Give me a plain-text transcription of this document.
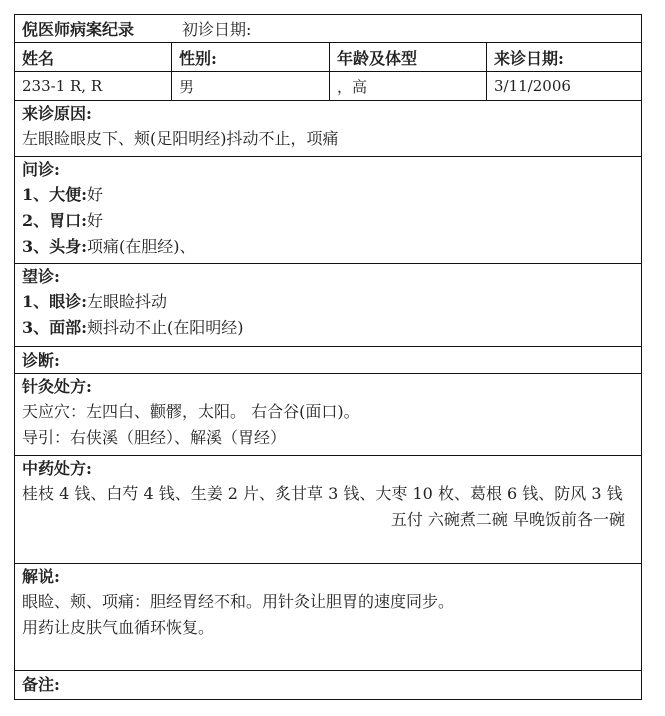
倪医师病案纪录	初诊日期:
姓名	性别:	年龄及体型	来诊日期:
233-1 R, R	男	，高	3/11/2006
来诊原因:
左眼睑眼皮下、颊(足阳明经)抖动不止，项痛
问诊:
1、大便:好
2、胃口:好
3、头身:项痛(在胆经)、
望诊:
1、眼诊:左眼睑抖动
3、面部:颊抖动不止(在阳明经)
诊断:
针灸处方:
天应穴：左四白、颧髎，太阳。 右合谷(面口)。
导引：右侠溪（胆经）、解溪（胃经）
中药处方:
桂枝 4 钱、白芍 4 钱、生姜 2 片、炙甘草 3 钱、大枣 10 枚、葛根 6 钱、防风 3 钱
五付 六碗煮二碗 早晚饭前各一碗
解说:
眼睑、颊、项痛：胆经胃经不和。用针灸让胆胃的速度同步。
用药让皮肤气血循环恢复。
备注:
